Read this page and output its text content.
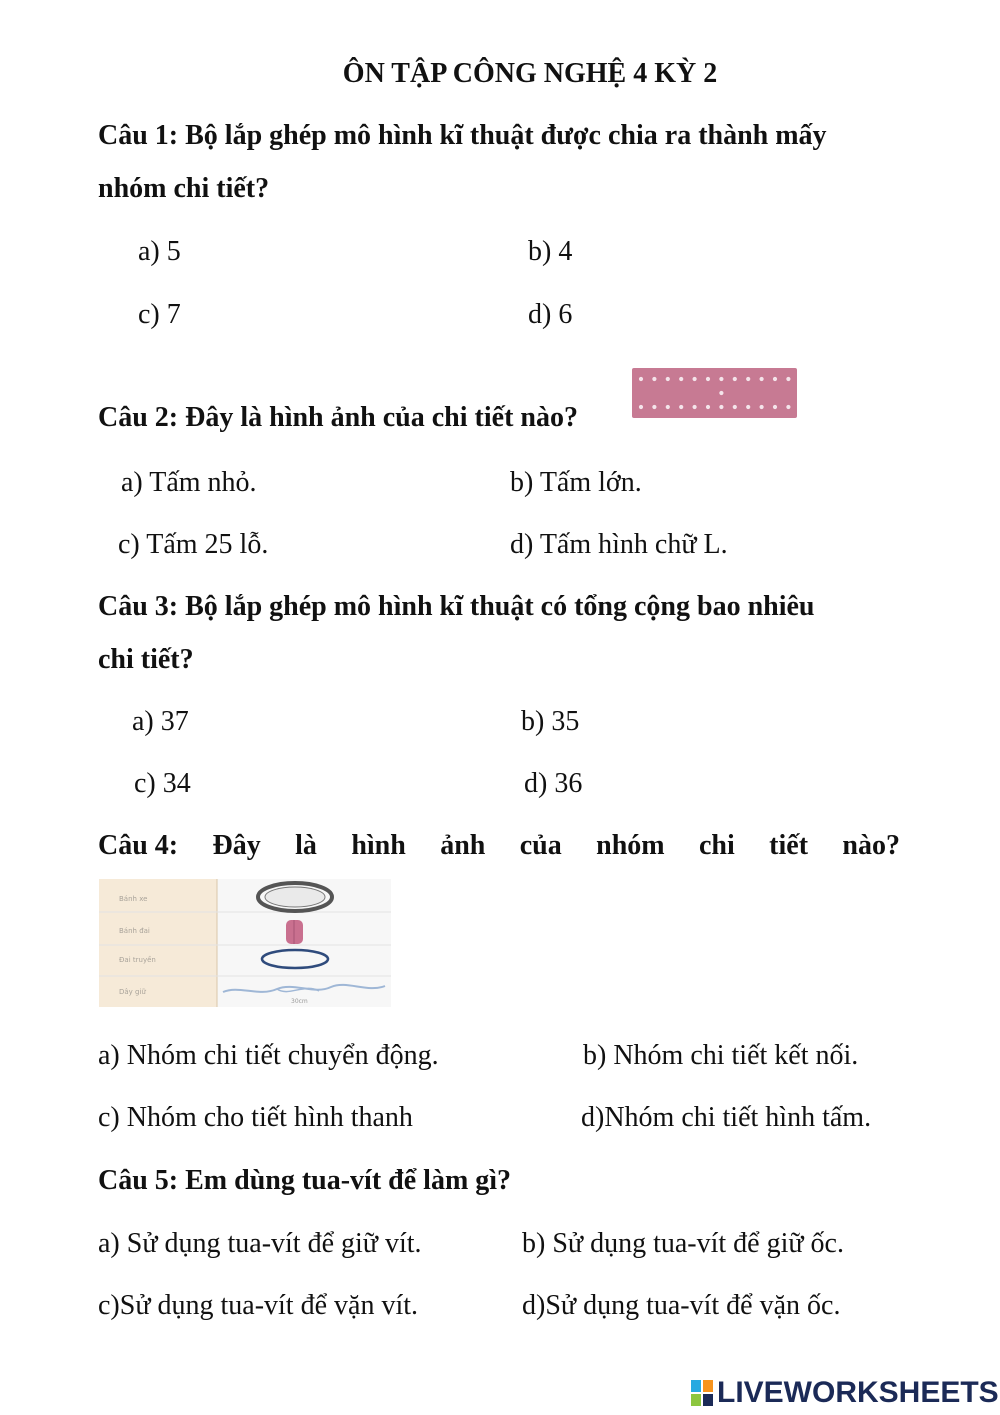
ÔN TẬP CÔNG NGHỆ 4 KỲ 2
Câu 1: Bộ lắp ghép mô hình kĩ thuật được chia ra thành mấy
nhóm chi tiết?
a) 5	b) 4
c) 7	d) 6
Câu 2: Đây là hình ảnh của chi tiết nào?
a) Tấm nhỏ.	b) Tấm lớn.
c) Tấm 25 lỗ.	d) Tấm hình chữ L.
Câu 3: Bộ lắp ghép mô hình kĩ thuật có tổng cộng bao nhiêu
chi tiết?
a) 37	b) 35
c) 34	d) 36
Câu 4: Đây là hình ảnh của nhóm chi tiết nào?
Bánh xe
Bánh đai
Đai truyền
Dây giữ
30cm
a) Nhóm chi tiết chuyển động.	b) Nhóm chi tiết kết nối.
c) Nhóm cho tiết hình thanh	d)Nhóm chi tiết hình tấm.
Câu 5: Em dùng tua-vít để làm gì?
a) Sử dụng tua-vít để giữ vít.	b) Sử dụng tua-vít để giữ ốc.
c)Sử dụng tua-vít để vặn vít.	d)Sử dụng tua-vít để vặn ốc.
LIVEWORKSHEETS
